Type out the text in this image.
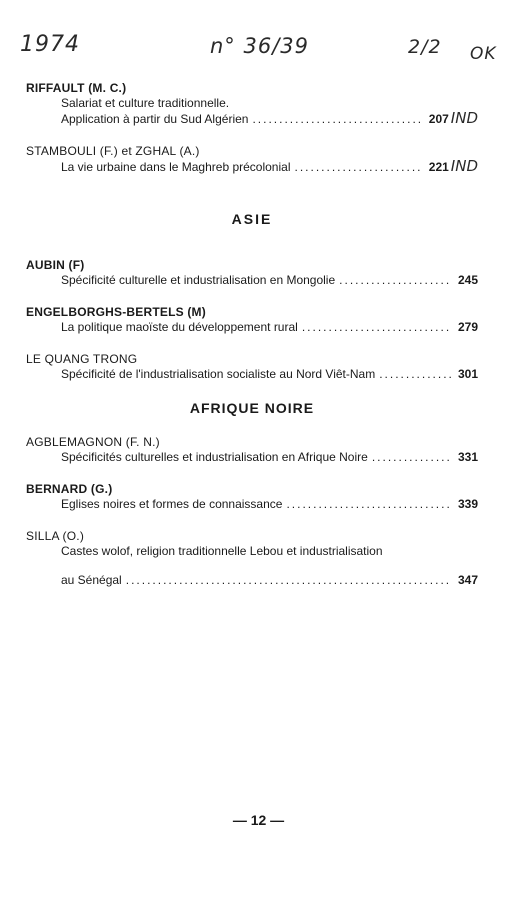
1974	n° 36/39	2/2 OK
RIFFAULT (M. C.)
Salariat et culture traditionnelle.
Application à partir du Sud Algérien .....	207 IND
STAMBOULI (F.) et ZGHAL (A.)
La vie urbaine dans le Maghreb précolonial .....	221 IND
ASIE
AUBIN (F)
Spécificité culturelle et industrialisation en Mongolie .....	245
ENGELBORGHS-BERTELS (M)
La politique maoïste du développement rural .....	279
LE QUANG TRONG
Spécificité de l'industrialisation socialiste au Nord Viêt-Nam .....	301
AFRIQUE NOIRE
AGBLEMAGNON (F. N.)
Spécificités culturelles et industrialisation en Afrique Noire .....	331
BERNARD (G.)
Eglises noires et formes de connaissance .....	339
SILLA (O.)
Castes wolof, religion traditionnelle Lebou et industrialisation
au Sénégal .....	347
— 12 —
